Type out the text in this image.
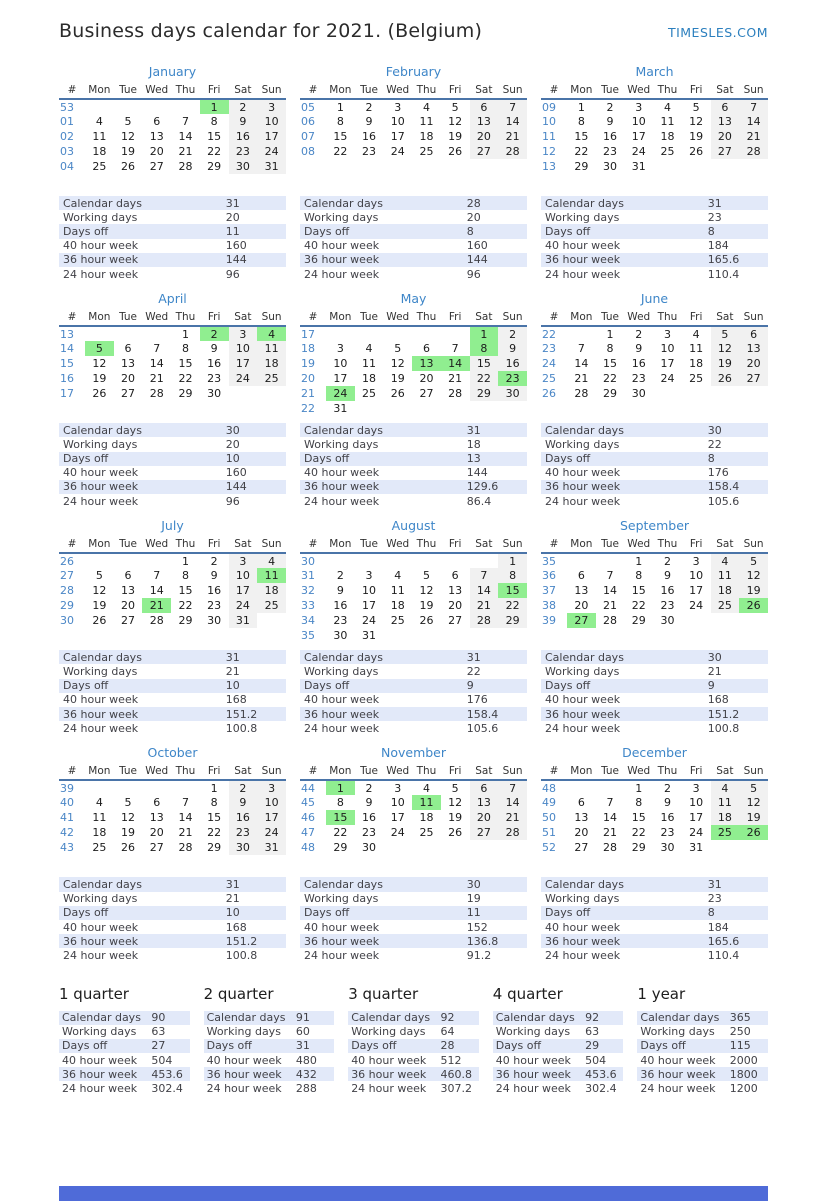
Business days calendar for 2021. (Belgium)	TIMESLES.COM
January
#	Mon	Tue	Wed	Thu	Fri	Sat	Sun
53					1	2	3
01	4	5	6	7	8	9	10
02	11	12	13	14	15	16	17
03	18	19	20	21	22	23	24
04	25	26	27	28	29	30	31
Calendar days	31
Working days	20
Days off	11
40 hour week	160
36 hour week	144
24 hour week	96
February
#	Mon	Tue	Wed	Thu	Fri	Sat	Sun
05	1	2	3	4	5	6	7
06	8	9	10	11	12	13	14
07	15	16	17	18	19	20	21
08	22	23	24	25	26	27	28
Calendar days	28
Working days	20
Days off	8
40 hour week	160
36 hour week	144
24 hour week	96
March
#	Mon	Tue	Wed	Thu	Fri	Sat	Sun
09	1	2	3	4	5	6	7
10	8	9	10	11	12	13	14
11	15	16	17	18	19	20	21
12	22	23	24	25	26	27	28
13	29	30	31				
Calendar days	31
Working days	23
Days off	8
40 hour week	184
36 hour week	165.6
24 hour week	110.4
April
#	Mon	Tue	Wed	Thu	Fri	Sat	Sun
13				1	2	3	4
14	5	6	7	8	9	10	11
15	12	13	14	15	16	17	18
16	19	20	21	22	23	24	25
17	26	27	28	29	30		
Calendar days	30
Working days	20
Days off	10
40 hour week	160
36 hour week	144
24 hour week	96
May
#	Mon	Tue	Wed	Thu	Fri	Sat	Sun
17						1	2
18	3	4	5	6	7	8	9
19	10	11	12	13	14	15	16
20	17	18	19	20	21	22	23
21	24	25	26	27	28	29	30
22	31						
Calendar days	31
Working days	18
Days off	13
40 hour week	144
36 hour week	129.6
24 hour week	86.4
June
#	Mon	Tue	Wed	Thu	Fri	Sat	Sun
22		1	2	3	4	5	6
23	7	8	9	10	11	12	13
24	14	15	16	17	18	19	20
25	21	22	23	24	25	26	27
26	28	29	30				
Calendar days	30
Working days	22
Days off	8
40 hour week	176
36 hour week	158.4
24 hour week	105.6
July
#	Mon	Tue	Wed	Thu	Fri	Sat	Sun
26				1	2	3	4
27	5	6	7	8	9	10	11
28	12	13	14	15	16	17	18
29	19	20	21	22	23	24	25
30	26	27	28	29	30	31	
Calendar days	31
Working days	21
Days off	10
40 hour week	168
36 hour week	151.2
24 hour week	100.8
August
#	Mon	Tue	Wed	Thu	Fri	Sat	Sun
30							1
31	2	3	4	5	6	7	8
32	9	10	11	12	13	14	15
33	16	17	18	19	20	21	22
34	23	24	25	26	27	28	29
35	30	31					
Calendar days	31
Working days	22
Days off	9
40 hour week	176
36 hour week	158.4
24 hour week	105.6
September
#	Mon	Tue	Wed	Thu	Fri	Sat	Sun
35			1	2	3	4	5
36	6	7	8	9	10	11	12
37	13	14	15	16	17	18	19
38	20	21	22	23	24	25	26
39	27	28	29	30			
Calendar days	30
Working days	21
Days off	9
40 hour week	168
36 hour week	151.2
24 hour week	100.8
October
#	Mon	Tue	Wed	Thu	Fri	Sat	Sun
39					1	2	3
40	4	5	6	7	8	9	10
41	11	12	13	14	15	16	17
42	18	19	20	21	22	23	24
43	25	26	27	28	29	30	31
Calendar days	31
Working days	21
Days off	10
40 hour week	168
36 hour week	151.2
24 hour week	100.8
November
#	Mon	Tue	Wed	Thu	Fri	Sat	Sun
44	1	2	3	4	5	6	7
45	8	9	10	11	12	13	14
46	15	16	17	18	19	20	21
47	22	23	24	25	26	27	28
48	29	30					
Calendar days	30
Working days	19
Days off	11
40 hour week	152
36 hour week	136.8
24 hour week	91.2
December
#	Mon	Tue	Wed	Thu	Fri	Sat	Sun
48			1	2	3	4	5
49	6	7	8	9	10	11	12
50	13	14	15	16	17	18	19
51	20	21	22	23	24	25	26
52	27	28	29	30	31		
Calendar days	31
Working days	23
Days off	8
40 hour week	184
36 hour week	165.6
24 hour week	110.4
1 quarter
Calendar days 90
Working days	63
Days off	27
40 hour week	504
36 hour week	453.6
24 hour week	302.4
2 quarter
Calendar days 91
Working days	60
Days off	31
40 hour week	480
36 hour week	432
24 hour week	288
3 quarter
Calendar days 92
Working days	64
Days off	28
40 hour week	512
36 hour week	460.8
24 hour week	307.2
4 quarter
Calendar days 92
Working days	63
Days off	29
40 hour week	504
36 hour week	453.6
24 hour week	302.4
1 year
Calendar days 365
Working days	250
Days off	115
40 hour week	2000
36 hour week	1800
24 hour week	1200
